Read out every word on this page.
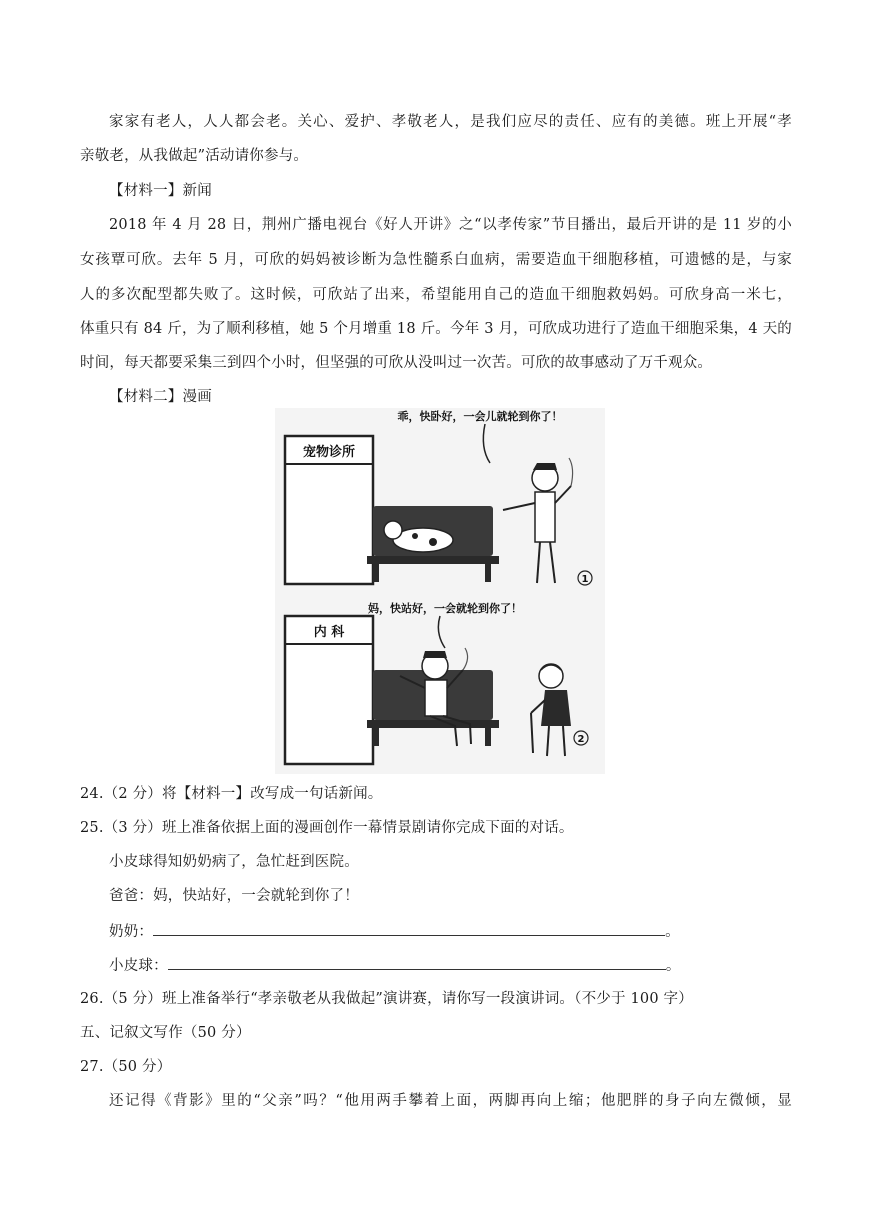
家家有老人，人人都会老。关心、爱护、孝敬老人，是我们应尽的责任、应有的美德。班上开展“孝
亲敬老，从我做起”活动请你参与。
【材料一】新闻
2018 年 4 月 28 日，荆州广播电视台《好人开讲》之“以孝传家”节目播出，最后开讲的是 11 岁的小
女孩覃可欣。去年 5 月，可欣的妈妈被诊断为急性髓系白血病，需要造血干细胞移植，可遗憾的是，与家
人的多次配型都失败了。这时候，可欣站了出来，希望能用自己的造血干细胞救妈妈。可欣身高一米七，
体重只有 84 斤，为了顺利移植，她 5 个月增重 18 斤。今年 3 月，可欣成功进行了造血干细胞采集，4 天的
时间，每天都要采集三到四个小时，但坚强的可欣从没叫过一次苦。可欣的故事感动了万千观众。
【材料二】漫画
宠物诊所
乖，快卧好，一会儿就轮到你了！
1
内 科
妈，快站好，一会就轮到你了！
2
24.（2 分）将【材料一】改写成一句话新闻。
25.（3 分）班上准备依据上面的漫画创作一幕情景剧请你完成下面的对话。
小皮球得知奶奶病了，急忙赶到医院。
爸爸：妈，快站好，一会就轮到你了！
奶奶：	。
小皮球：	。
26.（5 分）班上准备举行“孝亲敬老从我做起”演讲赛，请你写一段演讲词。（不少于 100 字）
五、记叙文写作（50 分）
27.（50 分）
还记得《背影》里的“父亲”吗？“他用两手攀着上面，两脚再向上缩；他肥胖的身子向左微倾，显
